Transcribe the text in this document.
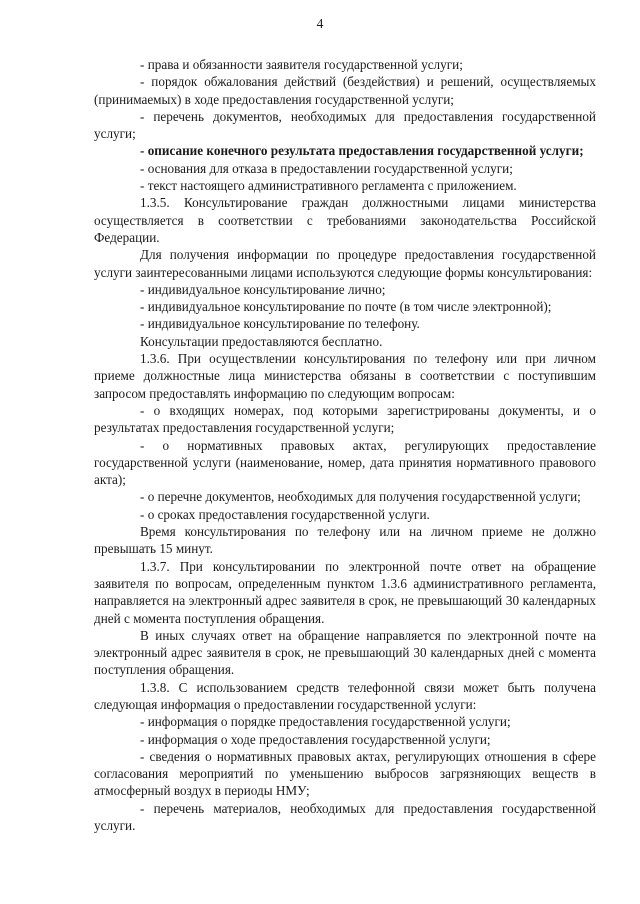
4

- права и обязанности заявителя государственной услуги;

- порядок обжалования действий (бездействия) и решений, осуществляемых (принимаемых) в ходе предоставления государственной услуги;

- перечень документов, необходимых для предоставления государственной услуги;

- описание конечного результата предоставления государственной услуги;

- основания для отказа в предоставлении государственной услуги;

- текст настоящего административного регламента с приложением.

1.3.5. Консультирование граждан должностными лицами министерства осуществляется в соответствии с требованиями законодательства Российской Федерации.

Для получения информации по процедуре предоставления государственной услуги заинтересованными лицами используются следующие формы консультирования:

- индивидуальное консультирование лично;

- индивидуальное консультирование по почте (в том числе электронной);

- индивидуальное консультирование по телефону.

Консультации предоставляются бесплатно.

1.3.6. При осуществлении консультирования по телефону или при личном приеме должностные лица министерства обязаны в соответствии с поступившим запросом предоставлять информацию по следующим вопросам:

- о входящих номерах, под которыми зарегистрированы документы, и о результатах предоставления государственной услуги;

- о нормативных правовых актах, регулирующих предоставление государственной услуги (наименование, номер, дата принятия нормативного правового акта);

- о перечне документов, необходимых для получения государственной услуги;

- о сроках предоставления государственной услуги.

Время консультирования по телефону или на личном приеме не должно превышать 15 минут.

1.3.7. При консультировании по электронной почте ответ на обращение заявителя по вопросам, определенным пунктом 1.3.6 административного регламента, направляется на электронный адрес заявителя в срок, не превышающий 30 календарных дней с момента поступления обращения.

В иных случаях ответ на обращение направляется по электронной почте на электронный адрес заявителя в срок, не превышающий 30 календарных дней с момента поступления обращения.

1.3.8. С использованием средств телефонной связи может быть получена следующая информация о предоставлении государственной услуги:

- информация о порядке предоставления государственной услуги;

- информация о ходе предоставления государственной услуги;

- сведения о нормативных правовых актах, регулирующих отношения в сфере согласования мероприятий по уменьшению выбросов загрязняющих веществ в атмосферный воздух в периоды НМУ;

- перечень материалов, необходимых для предоставления государственной услуги.
